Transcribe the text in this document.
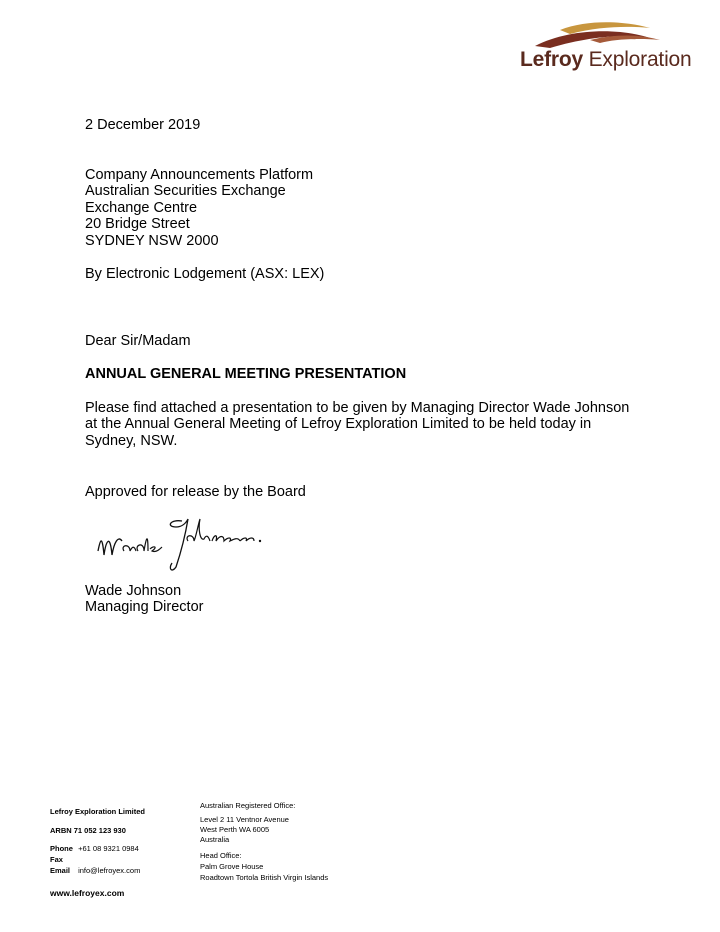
Lefroy Exploration

2 December 2019

Company Announcements Platform

Australian Securities Exchange

Exchange Centre

20 Bridge Street

SYDNEY NSW 2000

By Electronic Lodgement (ASX: LEX)

Dear Sir/Madam

ANNUAL GENERAL MEETING PRESENTATION

Please find attached a presentation to be given by Managing Director Wade Johnson at the Annual General Meeting of Lefroy Exploration Limited to be held today in Sydney, NSW.

Approved for release by the Board

Wade Johnson

Managing Director

Lefroy Exploration Limited
ARBN 71 052 123 930
Phone +61 08 9321 0984
Fax
Email info@lefroyex.com
www.lefroyex.com
Australian Registered Office:
Level 2 11 Ventnor Avenue
West Perth WA 6005
Australia
Head Office:
Palm Grove House
Roadtown Tortola British Virgin Islands
